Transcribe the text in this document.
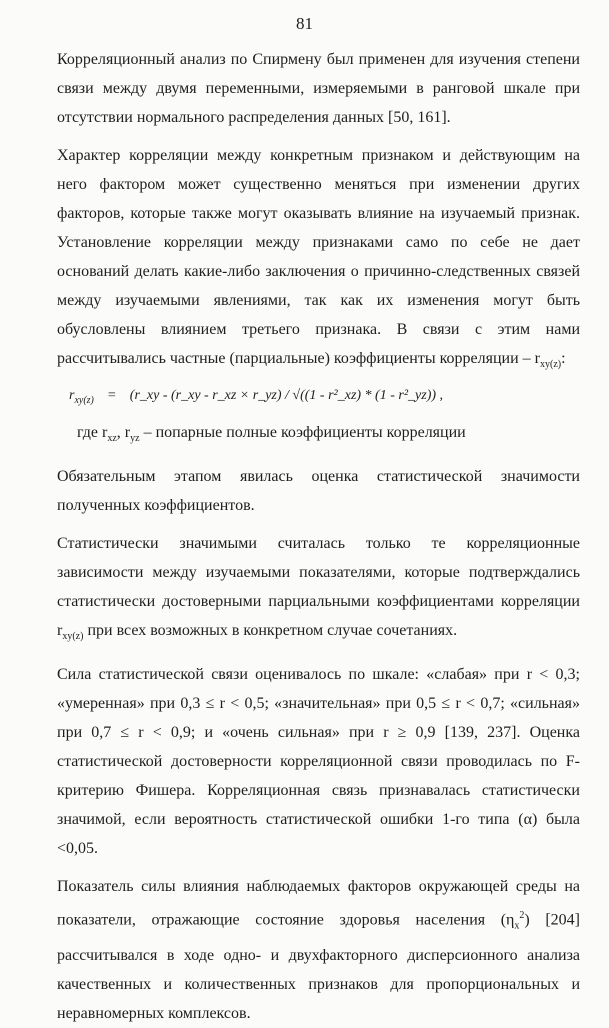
81

Корреляционный анализ по Спирмену был применен для изучения степени связи между двумя переменными, измеряемыми в ранговой шкале при отсутствии нормального распределения данных [50, 161].

Характер корреляции между конкретным признаком и действующим на него фактором может существенно меняться при изменении других факторов, которые также могут оказывать влияние на изучаемый признак. Установление корреляции между признаками само по себе не дает оснований делать какие-либо заключения о причинно-следственных связей между изучаемыми явлениями, так как их изменения могут быть обусловлены влиянием третьего признака. В связи с этим нами рассчитывались частные (парциальные) коэффициенты корреляции – $r_{xy(z)}$:

$r_{xy(z)}$ = (r_xy - (r_xy - r_xz × r_yz) / √((1 - r²_xz) * (1 - r²_yz)) ,

где $r_{xz}$, $r_{yz}$ – попарные полные коэффициенты корреляции

Обязательным этапом явилась оценка статистической значимости полученных коэффициентов.

Статистически значимыми считалась только те корреляционные зависимости между изучаемыми показателями, которые подтверждались статистически достоверными парциальными коэффициентами корреляции $r_{xy(z)}$ при всех возможных в конкретном случае сочетаниях.

Сила статистической связи оценивалось по шкале: «слабая» при r < 0,3; «умеренная» при 0,3 ≤ r < 0,5; «значительная» при 0,5 ≤ r < 0,7; «сильная» при 0,7 ≤ r < 0,9; и «очень сильная» при r ≥ 0,9 [139, 237]. Оценка статистической достоверности корреляционной связи проводилась по F-критерию Фишера. Корреляционная связь признавалась статистически значимой, если вероятность статистической ошибки 1-го типа (α) была <0,05.

Показатель силы влияния наблюдаемых факторов окружающей среды на показатели, отражающие состояние здоровья населения $(\eta_x^2)$ [204] рассчитывался в ходе одно- и двухфакторного дисперсионного анализа качественных и количественных признаков для пропорциональных и неравномерных комплексов.
